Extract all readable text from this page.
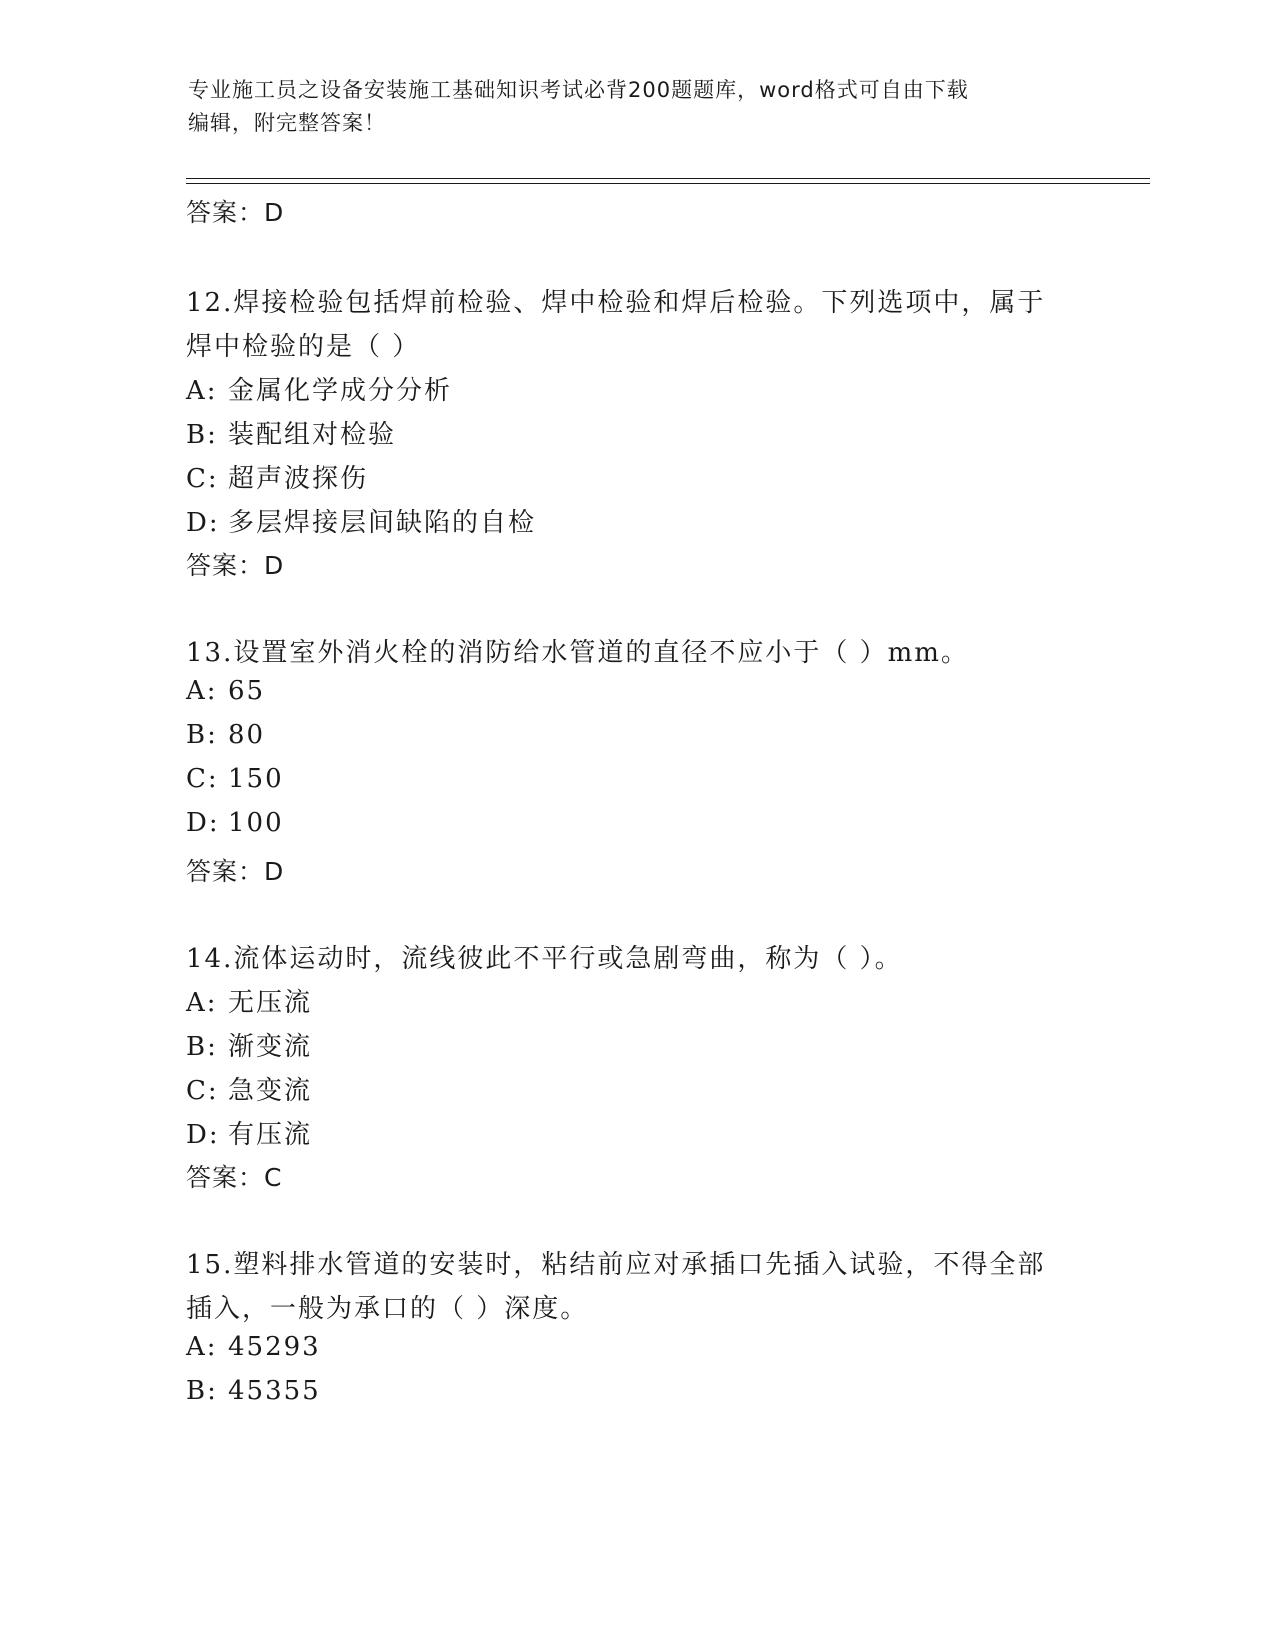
专业施工员之设备安装施工基础知识考试必背200题题库，word格式可自由下载
编辑，附完整答案！
答案：D
12.焊接检验包括焊前检验、焊中检验和焊后检验。下列选项中，属于
焊中检验的是（ ）
A: 金属化学成分分析
B: 装配组对检验
C: 超声波探伤
D: 多层焊接层间缺陷的自检
答案：D
13.设置室外消火栓的消防给水管道的直径不应小于（ ）mm。
A: 65
B: 80
C: 150
D: 100
答案：D
14.流体运动时，流线彼此不平行或急剧弯曲，称为（ ）。
A: 无压流
B: 渐变流
C: 急变流
D: 有压流
答案：C
15.塑料排水管道的安装时，粘结前应对承插口先插入试验，不得全部
插入，一般为承口的（ ）深度。
A: 45293
B: 45355
